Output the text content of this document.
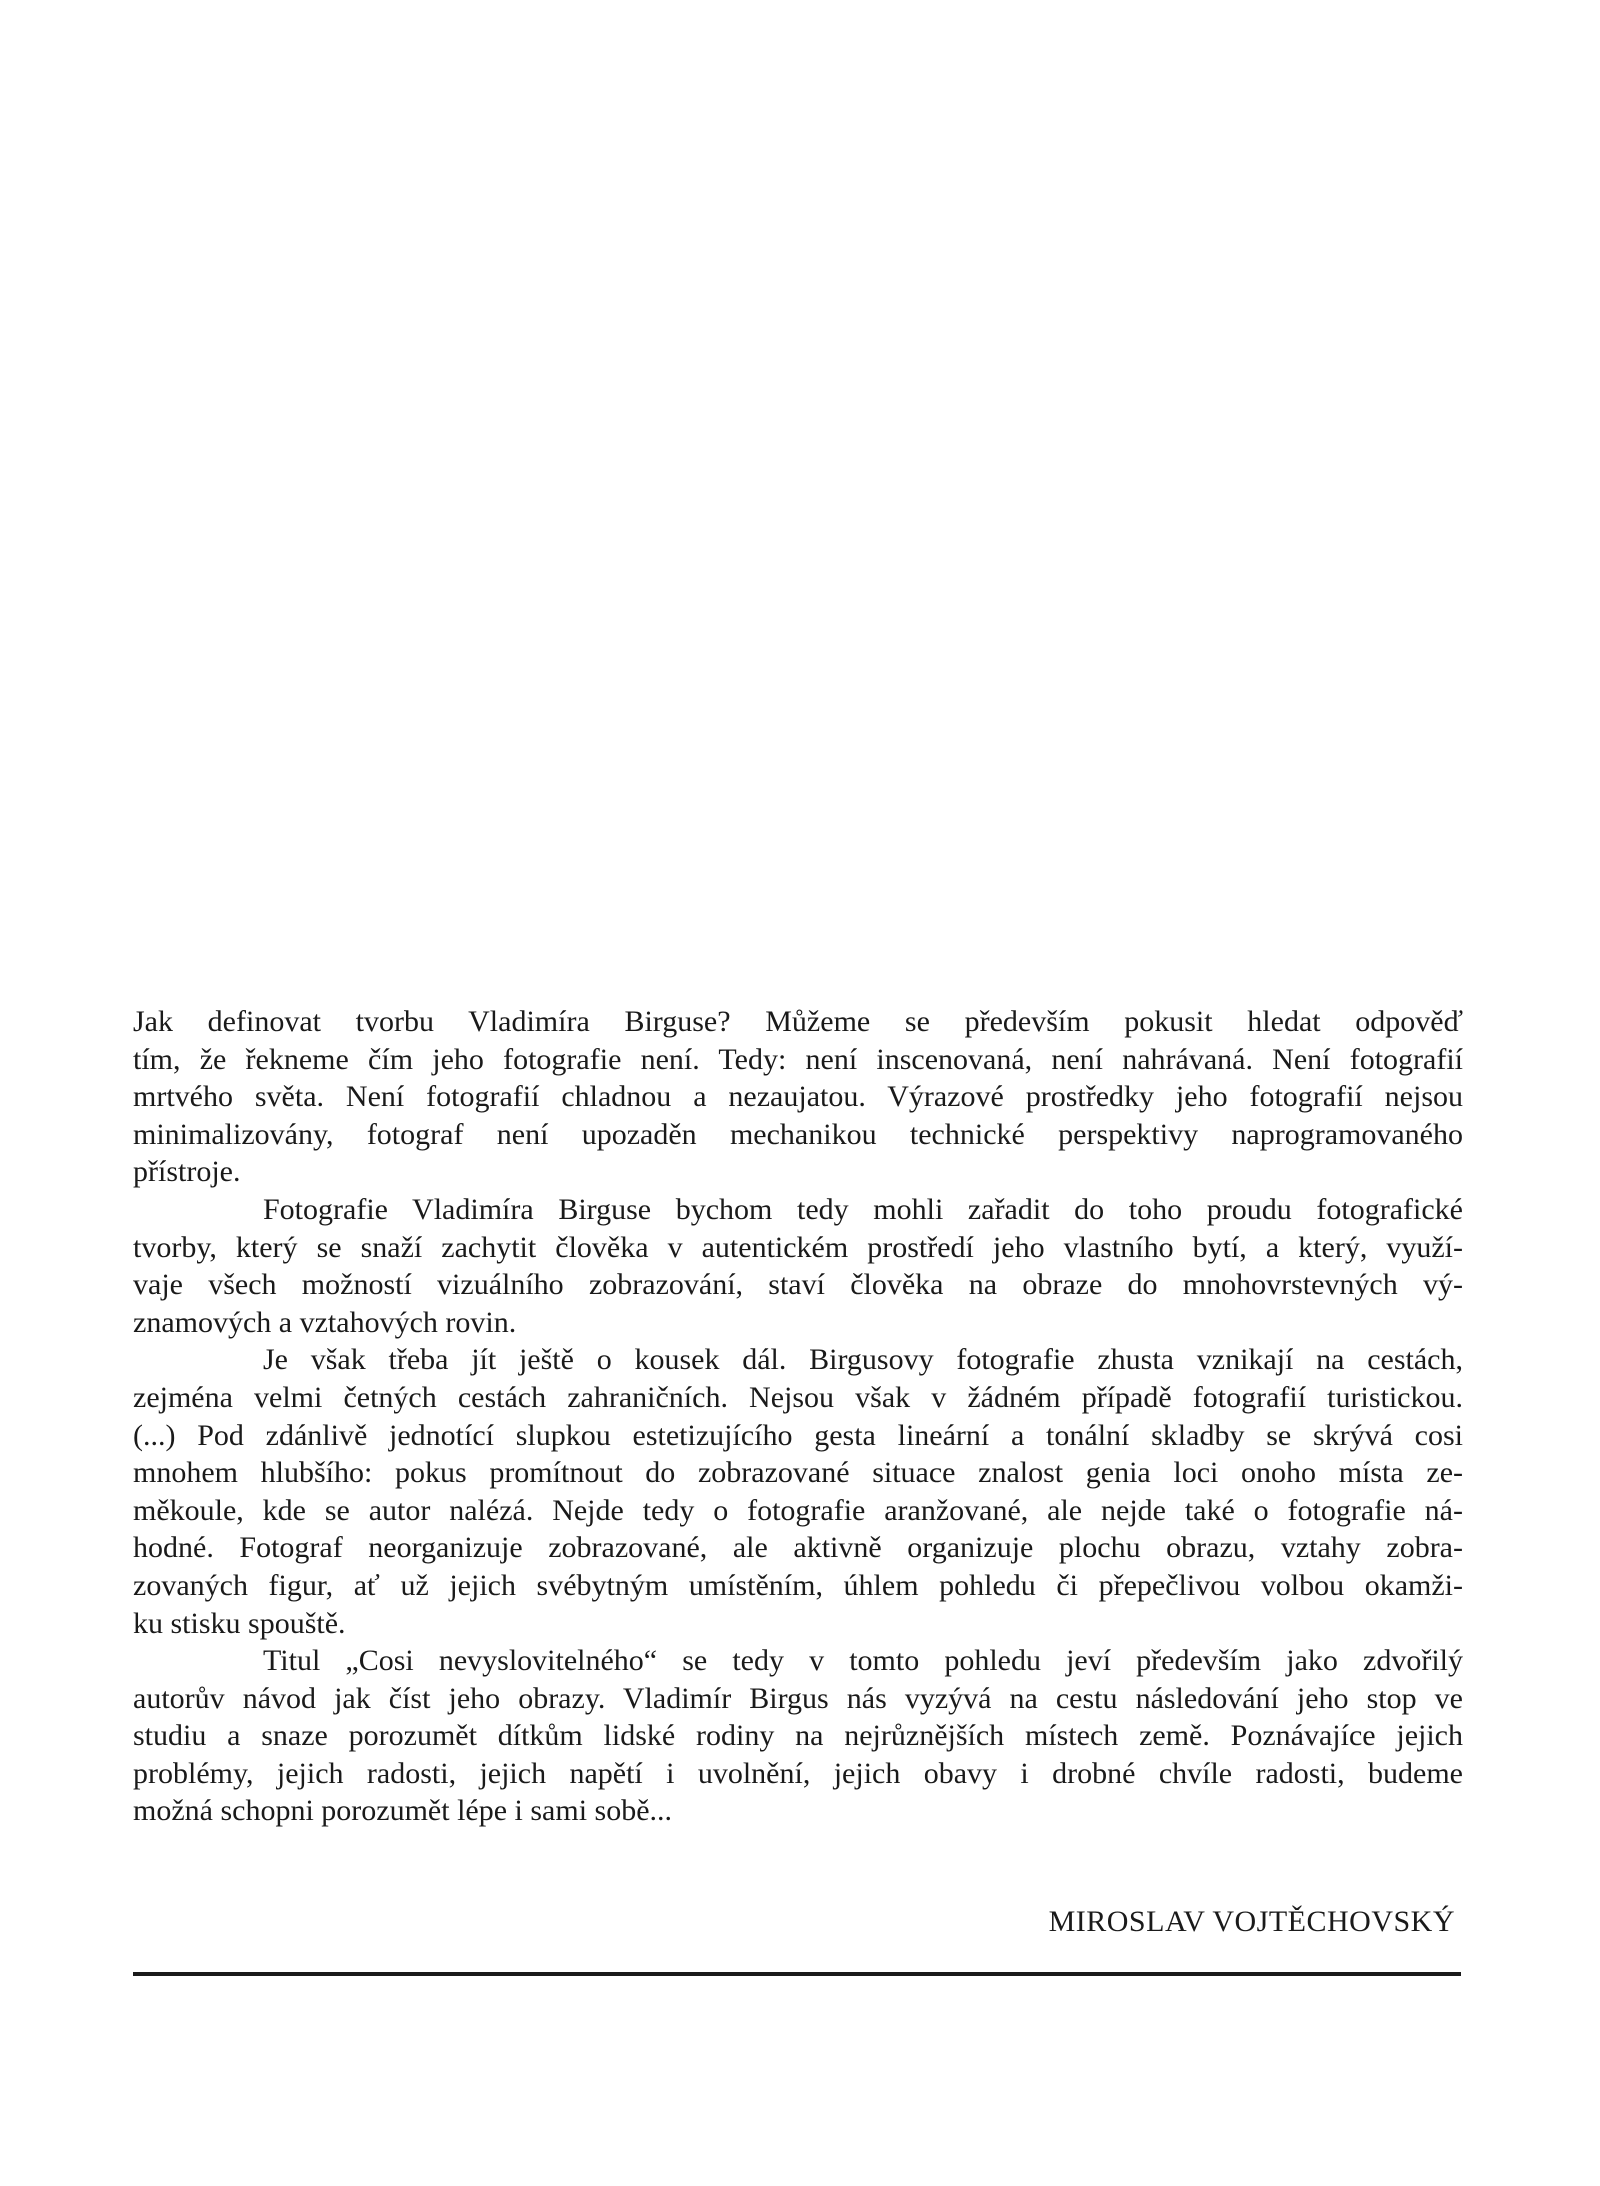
Jak definovat tvorbu Vladimíra Birguse? Můžeme se především pokusit hledat odpověď
tím, že řekneme čím jeho fotografie není. Tedy: není inscenovaná, není nahrávaná. Není fotografií
mrtvého světa. Není fotografií chladnou a nezaujatou. Výrazové prostředky jeho fotografií nejsou
minimalizovány, fotograf není upozaděn mechanikou technické perspektivy naprogramovaného
přístroje.
Fotografie Vladimíra Birguse bychom tedy mohli zařadit do toho proudu fotografické
tvorby, který se snaží zachytit člověka v autentickém prostředí jeho vlastního bytí, a který, využí-
vaje všech možností vizuálního zobrazování, staví člověka na obraze do mnohovrstevných vý-
znamových a vztahových rovin.
Je však třeba jít ještě o kousek dál. Birgusovy fotografie zhusta vznikají na cestách,
zejména velmi četných cestách zahraničních. Nejsou však v žádném případě fotografií turistickou.
(...) Pod zdánlivě jednotící slupkou estetizujícího gesta lineární a tonální skladby se skrývá cosi
mnohem hlubšího: pokus promítnout do zobrazované situace znalost genia loci onoho místa ze-
měkoule, kde se autor nalézá. Nejde tedy o fotografie aranžované, ale nejde také o fotografie ná-
hodné. Fotograf neorganizuje zobrazované, ale aktivně organizuje plochu obrazu, vztahy zobra-
zovaných figur, ať už jejich svébytným umístěním, úhlem pohledu či přepečlivou volbou okamži-
ku stisku spouště.
Titul „Cosi nevyslovitelného“ se tedy v tomto pohledu jeví především jako zdvořilý
autorův návod jak číst jeho obrazy. Vladimír Birgus nás vyzývá na cestu následování jeho stop ve
studiu a snaze porozumět dítkům lidské rodiny na nejrůznějších místech země. Poznávajíce jejich
problémy, jejich radosti, jejich napětí i uvolnění, jejich obavy i drobné chvíle radosti, budeme
možná schopni porozumět lépe i sami sobě...
MIROSLAV VOJTĚCHOVSKÝ
